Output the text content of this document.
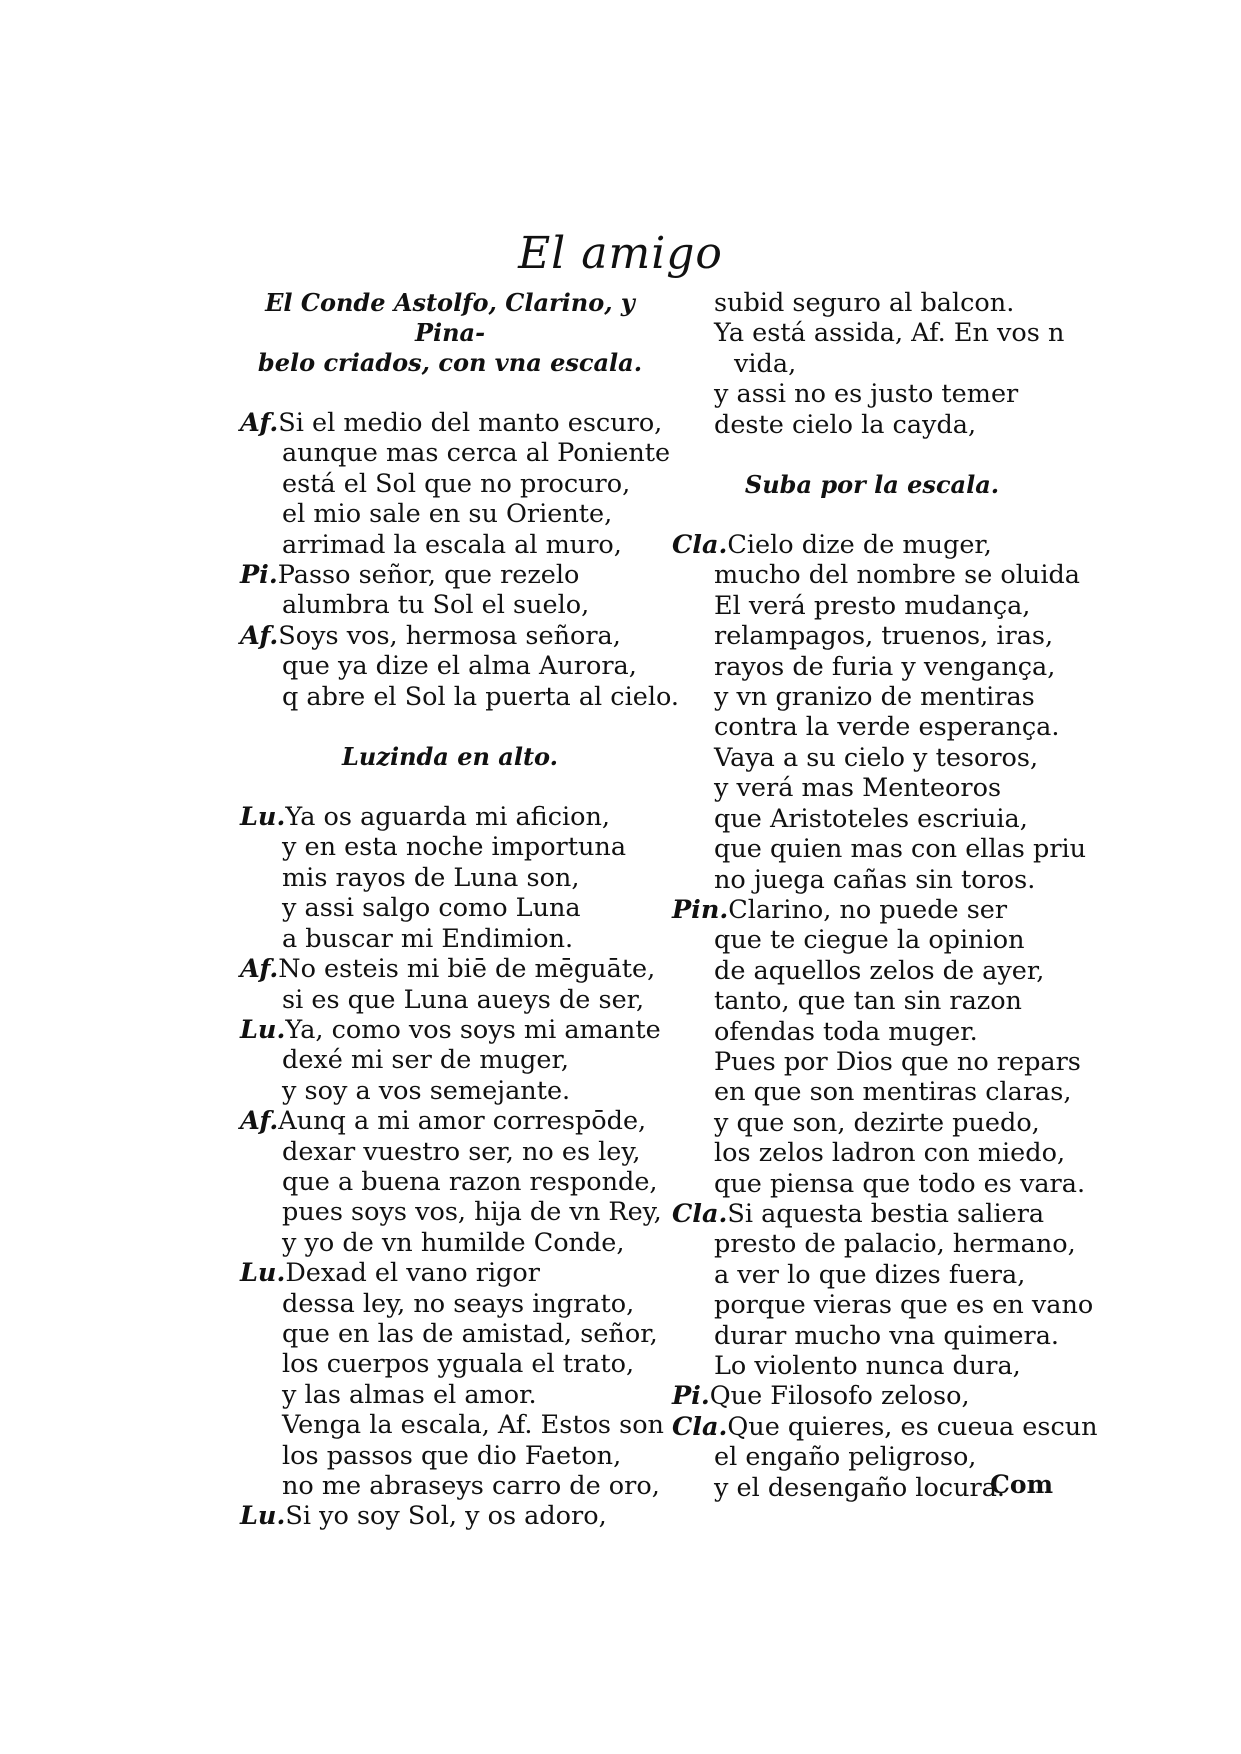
El amigo
El Conde Astolfo, Clarino, y Pina-
belo criados, con vna escala.
Af.Si el medio del manto escuro,
aunque mas cerca al Poniente
está el Sol que no procuro,
el mio sale en su Oriente,
arrimad la escala al muro,
Pi.Passo señor, que rezelo
alumbra tu Sol el suelo,
Af.Soys vos, hermosa señora,
que ya dize el alma Aurora,
q abre el Sol la puerta al cielo.
Luzinda en alto.
Lu.Ya os aguarda mi aficion,
y en esta noche importuna
mis rayos de Luna son,
y assi salgo como Luna
a buscar mi Endimion.
Af.No esteis mi biē de mēguāte,
si es que Luna aueys de ser,
Lu.Ya, como vos soys mi amante
dexé mi ser de muger,
y soy a vos semejante.
Af.Aunq a mi amor correspōde,
dexar vuestro ser, no es ley,
que a buena razon responde,
pues soys vos, hija de vn Rey,
y yo de vn humilde Conde,
Lu.Dexad el vano rigor
dessa ley, no seays ingrato,
que en las de amistad, señor,
los cuerpos yguala el trato,
y las almas el amor.
Venga la escala, Af. Estos son
los passos que dio Faeton,
no me abraseys carro de oro,
Lu.Si yo soy Sol, y os adoro,
subid seguro al balcon.
Ya está assida, Af. En vos n
vida,
y assi no es justo temer
deste cielo la cayda,
Suba por la escala.
Cla.Cielo dize de muger,
mucho del nombre se oluida
El verá presto mudança,
relampagos, truenos, iras,
rayos de furia y vengança,
y vn granizo de mentiras
contra la verde esperança.
Vaya a su cielo y tesoros,
y verá mas Menteoros
que Aristoteles escriuia,
que quien mas con ellas priu
no juega cañas sin toros.
Pin.Clarino, no puede ser
que te ciegue la opinion
de aquellos zelos de ayer,
tanto, que tan sin razon
ofendas toda muger.
Pues por Dios que no repars
en que son mentiras claras,
y que son, dezirte puedo,
los zelos ladron con miedo,
que piensa que todo es vara.
Cla.Si aquesta bestia saliera
presto de palacio, hermano,
a ver lo que dizes fuera,
porque vieras que es en vano
durar mucho vna quimera.
Lo violento nunca dura,
Pi.Que Filosofo zeloso,
Cla.Que quieres, es cueua escun
el engaño peligroso,
y el desengaño locura.
Com
